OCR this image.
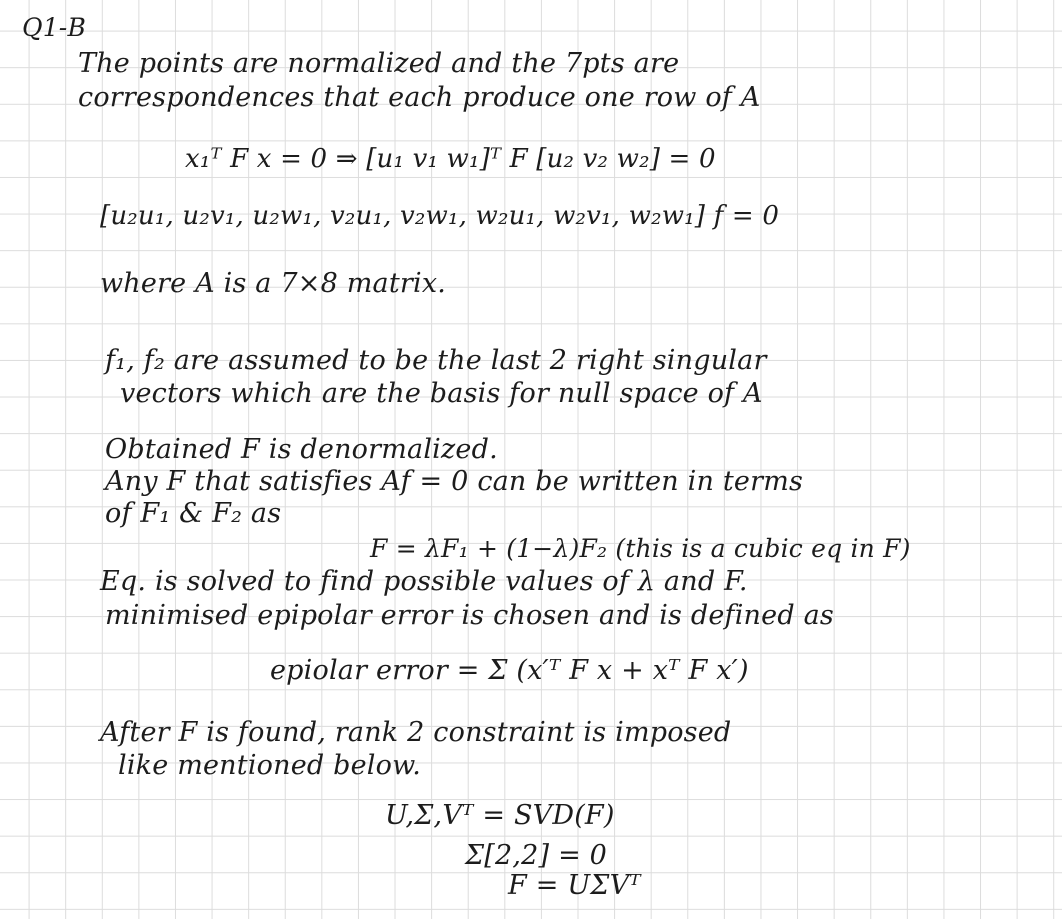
Q1-B
The points are normalized and the 7pts are
correspondences that each produce one row of A
x₁ᵀ F x = 0 ⇒ [u₁ v₁ w₁]ᵀ F [u₂ v₂ w₂] = 0
[u₂u₁, u₂v₁, u₂w₁, v₂u₁, v₂w₁, w₂u₁, w₂v₁, w₂w₁] f = 0
where A is a 7×8 matrix.
f₁, f₂ are assumed to be the last 2 right singular
vectors which are the basis for null space of A
Obtained F is denormalized.
Any F that satisfies Af = 0 can be written in terms
of F₁ & F₂ as
F = λF₁ + (1−λ)F₂ (this is a cubic eq in F)
Eq. is solved to find possible values of λ and F.
minimised epipolar error is chosen and is defined as
epiolar error = Σ (x′ᵀ F x + xᵀ F x′)
After F is found, rank 2 constraint is imposed
like mentioned below.
U,Σ,Vᵀ = SVD(F)
Σ[2,2] = 0
F = UΣVᵀ
